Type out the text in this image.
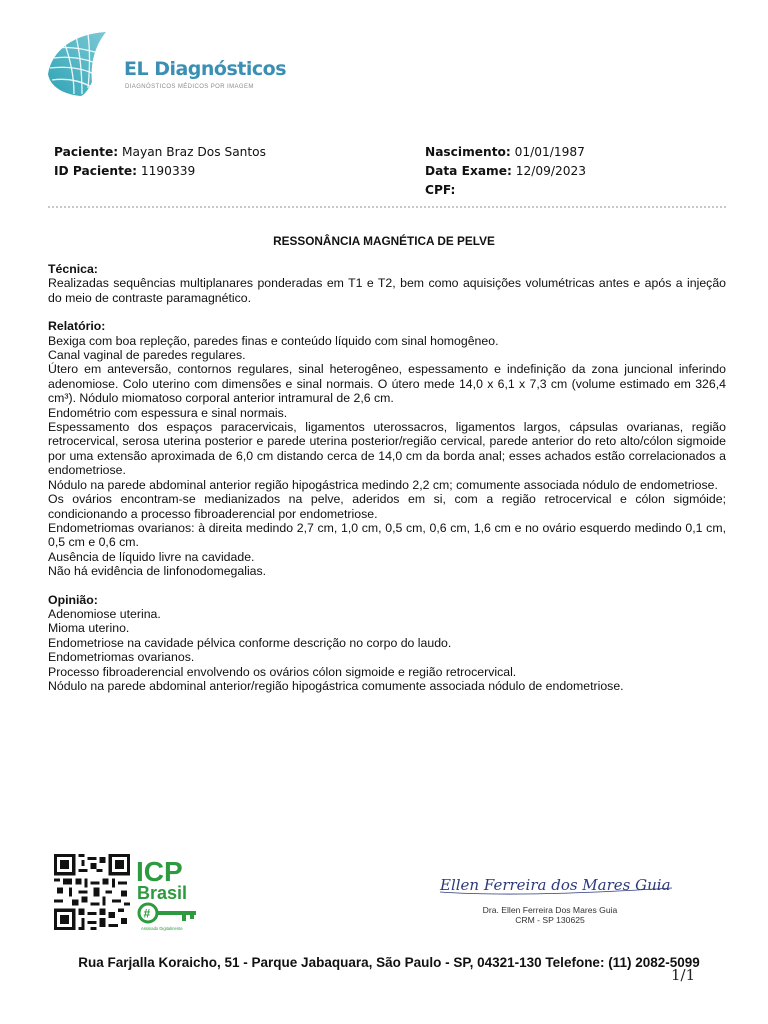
EL Diagnósticos
DIAGNÓSTICOS MÉDICOS POR IMAGEM
Paciente: Mayan Braz Dos Santos
ID Paciente: 1190339
Nascimento: 01/01/1987
Data Exame: 12/09/2023
CPF:
RESSONÂNCIA MAGNÉTICA DE PELVE

Técnica:

Realizadas sequências multiplanares ponderadas em T1 e T2, bem como aquisições volumétricas antes e após a injeção do meio de contraste paramagnético.

Relatório:

Bexiga com boa repleção, paredes finas e conteúdo líquido com sinal homogêneo.

Canal vaginal de paredes regulares.

Útero em anteversão, contornos regulares, sinal heterogêneo, espessamento e indefinição da zona juncional inferindo adenomiose. Colo uterino com dimensões e sinal normais. O útero mede 14,0 x 6,1 x 7,3 cm (volume estimado em 326,4 cm³). Nódulo miomatoso corporal anterior intramural de 2,6 cm.

Endométrio com espessura e sinal normais.

Espessamento dos espaços paracervicais, ligamentos uterossacros, ligamentos largos, cápsulas ovarianas, região retrocervical, serosa uterina posterior e parede uterina posterior/região cervical, parede anterior do reto alto/cólon sigmoide por uma extensão aproximada de 6,0 cm distando cerca de 14,0 cm da borda anal; esses achados estão correlacionados a endometriose.

Nódulo na parede abdominal anterior região hipogástrica medindo 2,2 cm; comumente associada nódulo de endometriose.

Os ovários encontram-se medianizados na pelve, aderidos em si, com a região retrocervical e cólon sigmóide; condicionando a processo fibroaderencial por endometriose.

Endometriomas ovarianos: à direita medindo 2,7 cm, 1,0 cm, 0,5 cm, 0,6 cm, 1,6 cm e no ovário esquerdo medindo 0,1 cm, 0,5 cm e 0,6 cm.

Ausência de líquido livre na cavidade.

Não há evidência de linfonodomegalias.

Opinião:

Adenomiose uterina.

Mioma uterino.

Endometriose na cavidade pélvica conforme descrição no corpo do laudo.

Endometriomas ovarianos.

Processo fibroaderencial envolvendo os ovários cólon sigmoide e região retrocervical.

Nódulo na parede abdominal anterior/região hipogástrica comumente associada nódulo de endometriose.

ICP
Brasil
#
Assinado Digitalmente
Ellen Ferreira dos Mares Guia
Dra. Ellen Ferreira Dos Mares Guia
CRM - SP 130625
Rua Farjalla Koraicho, 51 - Parque Jabaquara, São Paulo - SP, 04321-130 Telefone: (11) 2082-5099
1/1
